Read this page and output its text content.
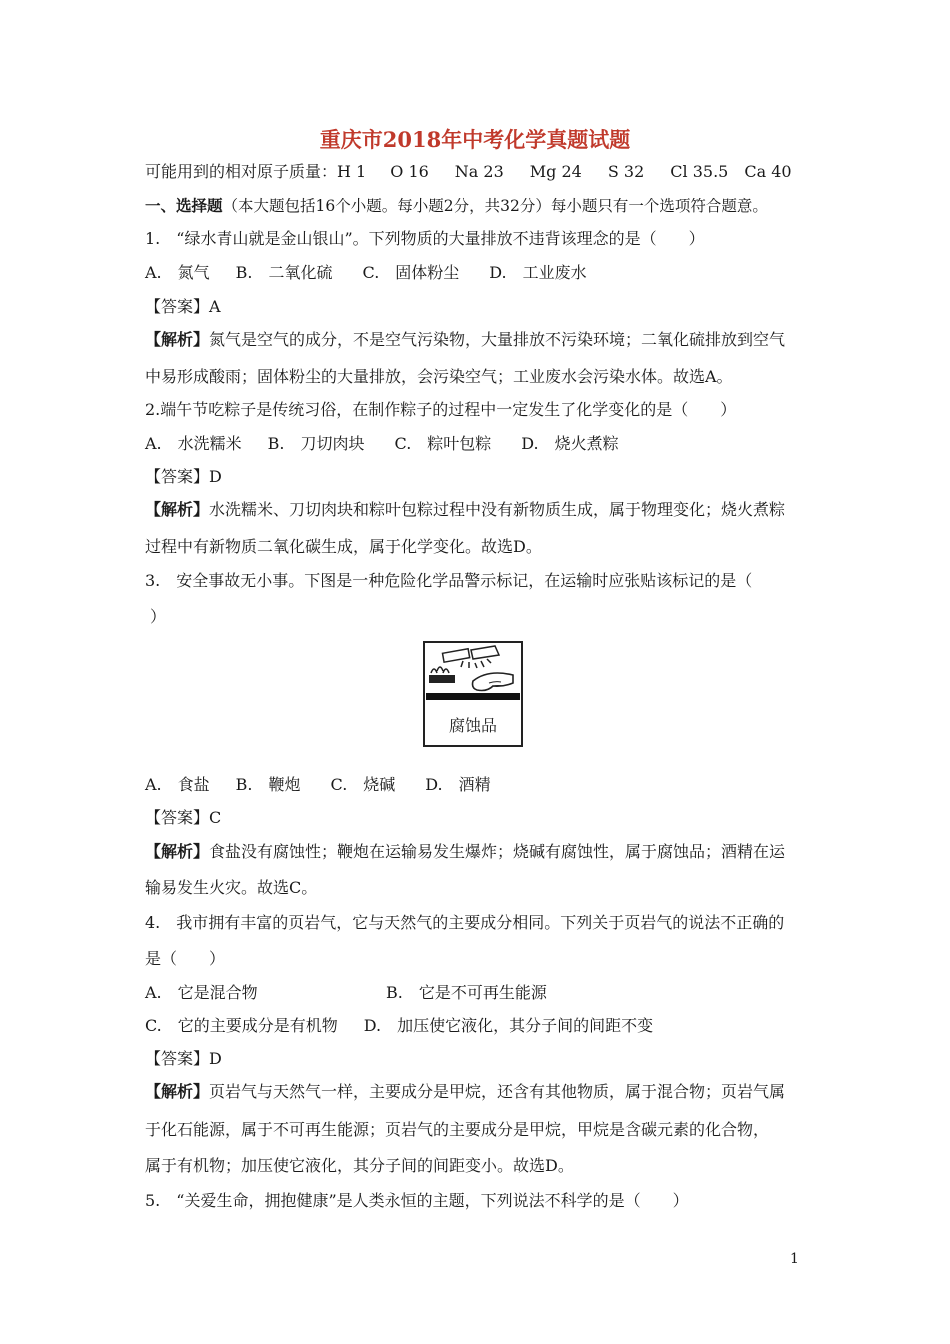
重庆市2018年中考化学真题试题
可能用到的相对原子质量：H 1 O 16 Na 23 Mg 24 S 32 Cl 35.5 Ca 40
一、选择题（本大题包括16个小题。每小题2分，共32分）每小题只有一个选项符合题意。
1.　“绿水青山就是金山银山”。下列物质的大量排放不违背该理念的是（　　）
A.　氮气 B.　二氧化硫 C.　固体粉尘 D.　工业废水
【答案】A
【解析】氮气是空气的成分，不是空气污染物，大量排放不污染环境；二氧化硫排放到空气
中易形成酸雨；固体粉尘的大量排放，会污染空气；工业废水会污染水体。故选A。
2.端午节吃粽子是传统习俗，在制作粽子的过程中一定发生了化学变化的是（　　）
A.　水洗糯米 B.　刀切肉块 C.　粽叶包粽 D.　烧火煮粽
【答案】D
【解析】水洗糯米、刀切肉块和粽叶包粽过程中没有新物质生成，属于物理变化；烧火煮粽
过程中有新物质二氧化碳生成，属于化学变化。故选D。
3.　安全事故无小事。下图是一种危险化学品警示标记，在运输时应张贴该标记的是（
）
腐蚀品
A.　食盐 B.　鞭炮 C.　烧碱 D.　酒精
【答案】C
【解析】食盐没有腐蚀性；鞭炮在运输易发生爆炸；烧碱有腐蚀性，属于腐蚀品；酒精在运
输易发生火灾。故选C。
4.　我市拥有丰富的页岩气，它与天然气的主要成分相同。下列关于页岩气的说法不正确的
是（　　）
A.　它是混合物	B.　它是不可再生能源
C.　它的主要成分是有机物 D.　加压使它液化，其分子间的间距不变
【答案】D
【解析】页岩气与天然气一样，主要成分是甲烷，还含有其他物质，属于混合物；页岩气属
于化石能源，属于不可再生能源；页岩气的主要成分是甲烷，甲烷是含碳元素的化合物，
属于有机物；加压使它液化，其分子间的间距变小。故选D。
5.　“关爱生命，拥抱健康”是人类永恒的主题，下列说法不科学的是（　　）
1
